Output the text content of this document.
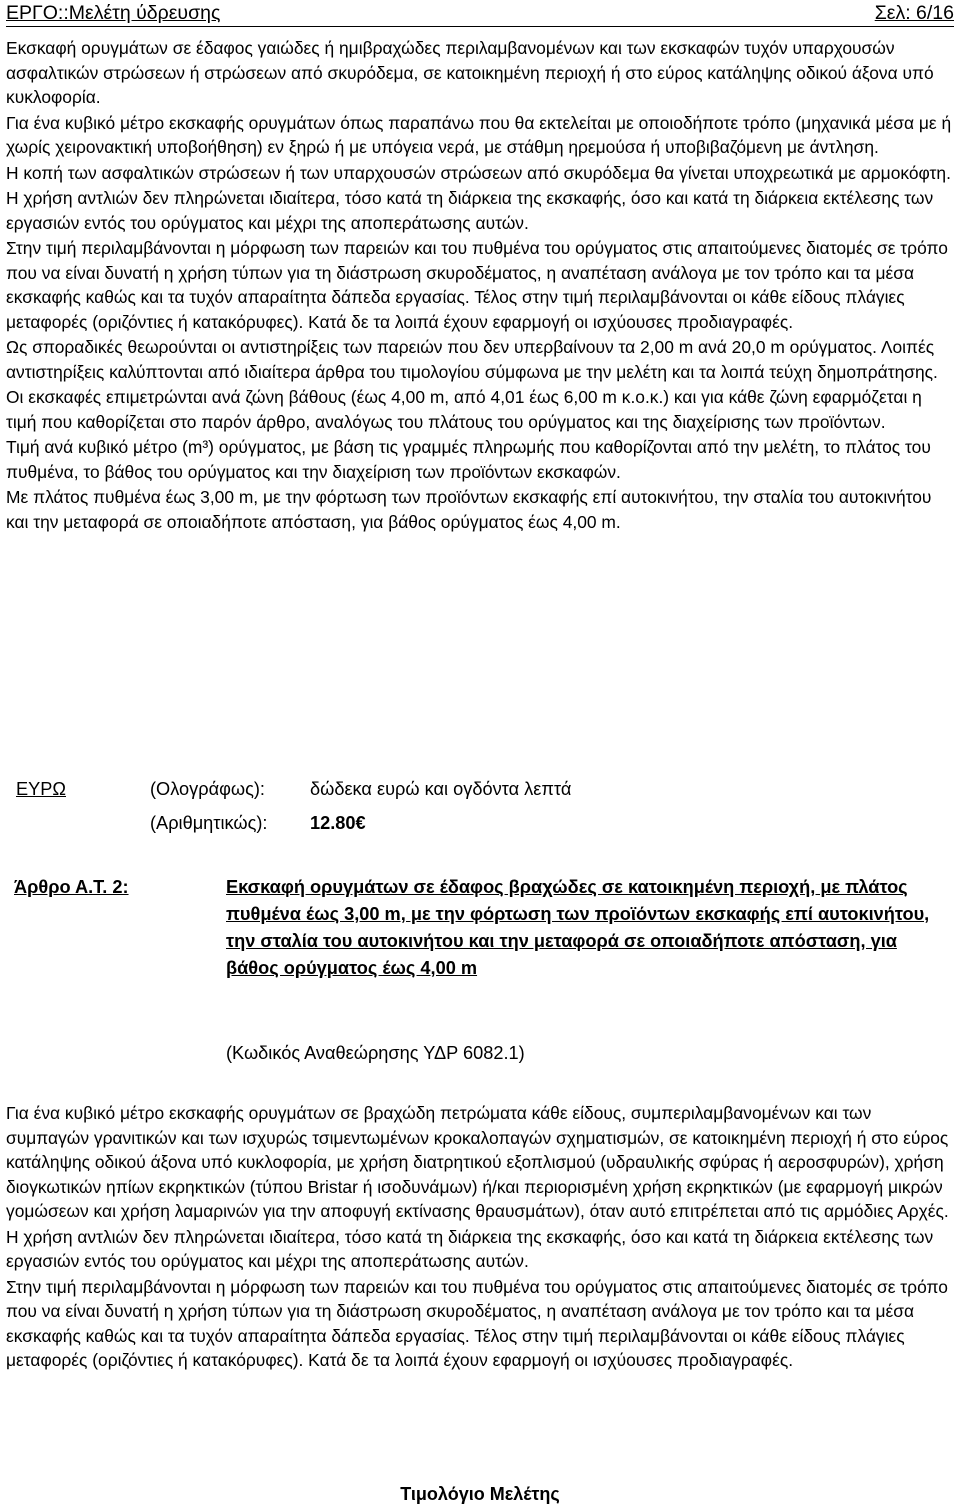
ΕΡΓΟ::Μελέτη ύδρευσης	Σελ: 6/16

Εκσκαφή ορυγμάτων σε έδαφος γαιώδες ή ημιβραχώδες περιλαμβανομένων και των εκσκαφών τυχόν υπαρχουσών ασφαλτικών στρώσεων ή στρώσεων από σκυρόδεμα, σε κατοικημένη περιοχή ή στο εύρος κατάληψης οδικού άξονα υπό κυκλοφορία.

Για ένα κυβικό μέτρο εκσκαφής ορυγμάτων όπως παραπάνω που θα εκτελείται με οποιοδήποτε τρόπο (μηχανικά μέσα με ή χωρίς χειρονακτική υποβοήθηση) εν ξηρώ ή με υπόγεια νερά, με στάθμη ηρεμούσα ή υποβιβαζόμενη με άντληση.

Η κοπή των ασφαλτικών στρώσεων ή των υπαρχουσών στρώσεων από σκυρόδεμα θα γίνεται υποχρεωτικά με αρμοκόφτη.

Η χρήση αντλιών δεν πληρώνεται ιδιαίτερα, τόσο κατά τη διάρκεια της εκσκαφής, όσο και κατά τη διάρκεια εκτέλεσης των εργασιών εντός του ορύγματος και μέχρι της αποπεράτωσης αυτών.

Στην τιμή περιλαμβάνονται η μόρφωση των παρειών και του πυθμένα του ορύγματος στις απαιτούμενες διατομές σε τρόπο που να είναι δυνατή η χρήση τύπων για τη διάστρωση σκυροδέματος, η αναπέταση ανάλογα με τον τρόπο και τα μέσα εκσκαφής καθώς και τα τυχόν απαραίτητα δάπεδα εργασίας. Τέλος στην τιμή περιλαμβάνονται οι κάθε είδους πλάγιες μεταφορές (οριζόντιες ή κατακόρυφες). Κατά δε τα λοιπά έχουν εφαρμογή οι ισχύουσες προδιαγραφές.

Ως σποραδικές θεωρούνται οι αντιστηρίξεις των παρειών που δεν υπερβαίνουν τα 2,00 m ανά 20,0 m ορύγματος. Λοιπές αντιστηρίξεις καλύπτονται από ιδιαίτερα άρθρα του τιμολογίου σύμφωνα με την μελέτη και τα λοιπά τεύχη δημοπράτησης.

Οι εκσκαφές επιμετρώνται ανά ζώνη βάθους (έως 4,00 m, από 4,01 έως 6,00 m κ.ο.κ.) και για κάθε ζώνη εφαρμόζεται η τιμή που καθορίζεται στο παρόν άρθρο, αναλόγως του πλάτους του ορύγματος και της διαχείρισης των προϊόντων.

Τιμή ανά κυβικό μέτρο (m³) ορύγματος, με βάση τις γραμμές πληρωμής που καθορίζονται από την μελέτη, το πλάτος του πυθμένα, το βάθος του ορύγματος και την διαχείριση των προϊόντων εκσκαφών.

Με πλάτος πυθμένα έως 3,00 m, με την φόρτωση των προϊόντων εκσκαφής επί αυτοκινήτου, την σταλία του αυτοκινήτου και την μεταφορά σε οποιαδήποτε απόσταση, για βάθος ορύγματος έως 4,00 m.

ΕΥΡΩ	(Ολογράφως): δώδεκα ευρώ και ογδόντα λεπτά
(Αριθμητικώς): 12.80€
Άρθρο Α.Τ. 2:	Εκσκαφή ορυγμάτων σε έδαφος βραχώδες σε κατοικημένη περιοχή, με πλάτος πυθμένα έως 3,00 m, με την φόρτωση των προϊόντων εκσκαφής επί αυτοκινήτου, την σταλία του αυτοκινήτου και την μεταφορά σε οποιαδήποτε απόσταση, για βάθος ορύγματος έως 4,00 m
(Κωδικός Αναθεώρησης ΥΔΡ 6082.1)

Για ένα κυβικό μέτρο εκσκαφής ορυγμάτων σε βραχώδη πετρώματα κάθε είδους, συμπεριλαμβανομένων και των συμπαγών γρανιτικών και των ισχυρώς τσιμεντωμένων κροκαλοπαγών σχηματισμών, σε κατοικημένη περιοχή ή στο εύρος κατάληψης οδικού άξονα υπό κυκλοφορία, με χρήση διατρητικού εξοπλισμού (υδραυλικής σφύρας ή αεροσφυρών), χρήση διογκωτικών ηπίων εκρηκτικών (τύπου Bristar ή ισοδυνάμων) ή/και περιορισμένη χρήση εκρηκτικών (με εφαρμογή μικρών γομώσεων και χρήση λαμαρινών για την αποφυγή εκτίνασης θραυσμάτων), όταν αυτό επιτρέπεται από τις αρμόδιες Αρχές.

Η χρήση αντλιών δεν πληρώνεται ιδιαίτερα, τόσο κατά τη διάρκεια της εκσκαφής, όσο και κατά τη διάρκεια εκτέλεσης των εργασιών εντός του ορύγματος και μέχρι της αποπεράτωσης αυτών.

Στην τιμή περιλαμβάνονται η μόρφωση των παρειών και του πυθμένα του ορύγματος στις απαιτούμενες διατομές σε τρόπο που να είναι δυνατή η χρήση τύπων για τη διάστρωση σκυροδέματος, η αναπέταση ανάλογα με τον τρόπο και τα μέσα εκσκαφής καθώς και τα τυχόν απαραίτητα δάπεδα εργασίας. Τέλος στην τιμή περιλαμβάνονται οι κάθε είδους πλάγιες μεταφορές (οριζόντιες ή κατακόρυφες). Κατά δε τα λοιπά έχουν εφαρμογή οι ισχύουσες προδιαγραφές.

Τιμολόγιο Μελέτης
